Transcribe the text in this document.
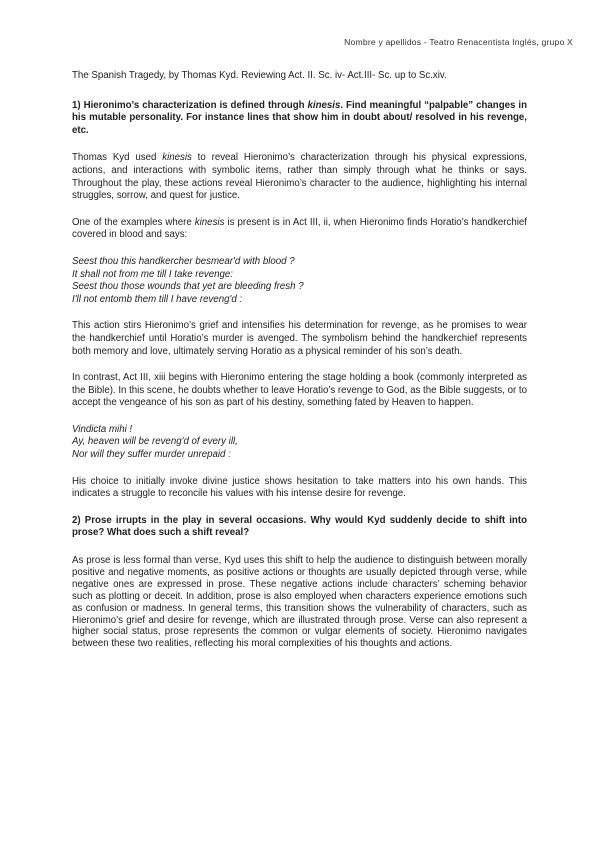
Nombre y apellidos - Teatro Renacentista Inglés, grupo X

The Spanish Tragedy, by Thomas Kyd. Reviewing Act. II. Sc. iv- Act.III- Sc. up to Sc.xiv.

1) Hieronimo’s characterization is defined through kinesis. Find meaningful “palpable” changes in his mutable personality. For instance lines that show him in doubt about/ resolved in his revenge, etc.

Thomas Kyd used kinesis to reveal Hieronimo’s characterization through his physical expressions, actions, and interactions with symbolic items, rather than simply through what he thinks or says. Throughout the play, these actions reveal Hieronimo’s character to the audience, highlighting his internal struggles, sorrow, and quest for justice.

One of the examples where kinesis is present is in Act III, ii, when Hieronimo finds Horatio’s handkerchief covered in blood and says:

Seest thou this handkercher besmear'd with blood ?
It shall not from me till I take revenge:
Seest thou those wounds that yet are bleeding fresh ?
I'll not entomb them till I have reveng'd :

This action stirs Hieronimo’s grief and intensifies his determination for revenge, as he promises to wear the handkerchief until Horatio’s murder is avenged. The symbolism behind the handkerchief represents both memory and love, ultimately serving Horatio as a physical reminder of his son’s death.

In contrast, Act III, xiii begins with Hieronimo entering the stage holding a book (commonly interpreted as the Bible). In this scene, he doubts whether to leave Horatio’s revenge to God, as the Bible suggests, or to accept the vengeance of his son as part of his destiny, something fated by Heaven to happen.

Vindicta mihi !
Ay, heaven will be reveng'd of every ill,
Nor will they suffer murder unrepaid :

His choice to initially invoke divine justice shows hesitation to take matters into his own hands. This indicates a struggle to reconcile his values with his intense desire for revenge.

2) Prose irrupts in the play in several occasions. Why would Kyd suddenly decide to shift into prose? What does such a shift reveal?

As prose is less formal than verse, Kyd uses this shift to help the audience to distinguish between morally positive and negative moments, as positive actions or thoughts are usually depicted through verse, while negative ones are expressed in prose. These negative actions include characters’ scheming behavior such as plotting or deceit. In addition, prose is also employed when characters experience emotions such as confusion or madness. In general terms, this transition shows the vulnerability of characters, such as Hieronimo’s grief and desire for revenge, which are illustrated through prose. Verse can also represent a higher social status, prose represents the common or vulgar elements of society. Hieronimo navigates between these two realities, reflecting his moral complexities of his thoughts and actions.
